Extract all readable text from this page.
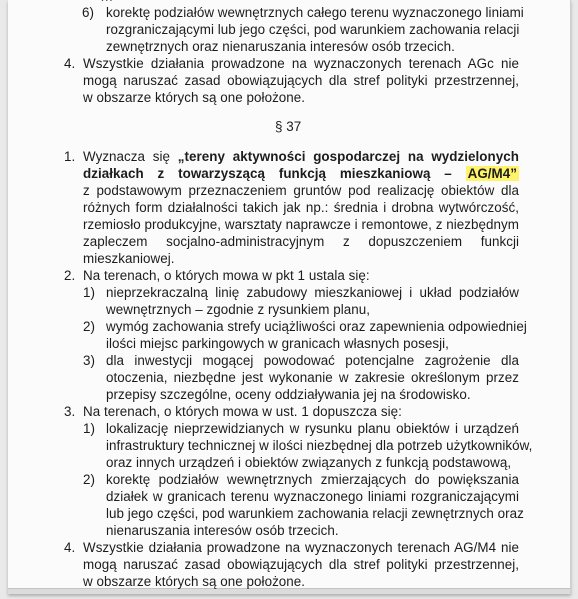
6) korektę podziałów wewnętrznych całego terenu wyznaczonego liniami
rozgraniczającymi lub jego części, pod warunkiem zachowania relacji
zewnętrznych oraz nienaruszania interesów osób trzecich.
4. Wszystkie działania prowadzone na wyznaczonych terenach AGc nie
mogą naruszać zasad obowiązujących dla stref polityki przestrzennej,
w obszarze których są one położone.
§ 37
1. Wyznacza się „tereny aktywności gospodarczej na wydzielonych
działkach z towarzyszącą funkcją mieszkaniową – AG/M4”
z podstawowym przeznaczeniem gruntów pod realizację obiektów dla
różnych form działalności takich jak np.: średnia i drobna wytwórczość,
rzemiosło produkcyjne, warsztaty naprawcze i remontowe, z niezbędnym
zapleczem socjalno-administracyjnym z dopuszczeniem funkcji
mieszkaniowej.
2. Na terenach, o których mowa w pkt 1 ustala się:
1) nieprzekraczalną linię zabudowy mieszkaniowej i układ podziałów
wewnętrznych – zgodnie z rysunkiem planu,
2) wymóg zachowania strefy uciążliwości oraz zapewnienia odpowiedniej
ilości miejsc parkingowych w granicach własnych posesji,
3) dla inwestycji mogącej powodować potencjalne zagrożenie dla
otoczenia, niezbędne jest wykonanie w zakresie określonym przez
przepisy szczególne, oceny oddziaływania jej na środowisko.
3. Na terenach, o których mowa w ust. 1 dopuszcza się:
1) lokalizację nieprzewidzianych w rysunku planu obiektów i urządzeń
infrastruktury technicznej w ilości niezbędnej dla potrzeb użytkowników,
oraz innych urządzeń i obiektów związanych z funkcją podstawową,
2) korektę podziałów wewnętrznych zmierzających do powiększania
działek w granicach terenu wyznaczonego liniami rozgraniczającymi
lub jego części, pod warunkiem zachowania relacji zewnętrznych oraz
nienaruszania interesów osób trzecich.
4. Wszystkie działania prowadzone na wyznaczonych terenach AG/M4 nie
mogą naruszać zasad obowiązujących dla stref polityki przestrzennej,
w obszarze których są one położone.
